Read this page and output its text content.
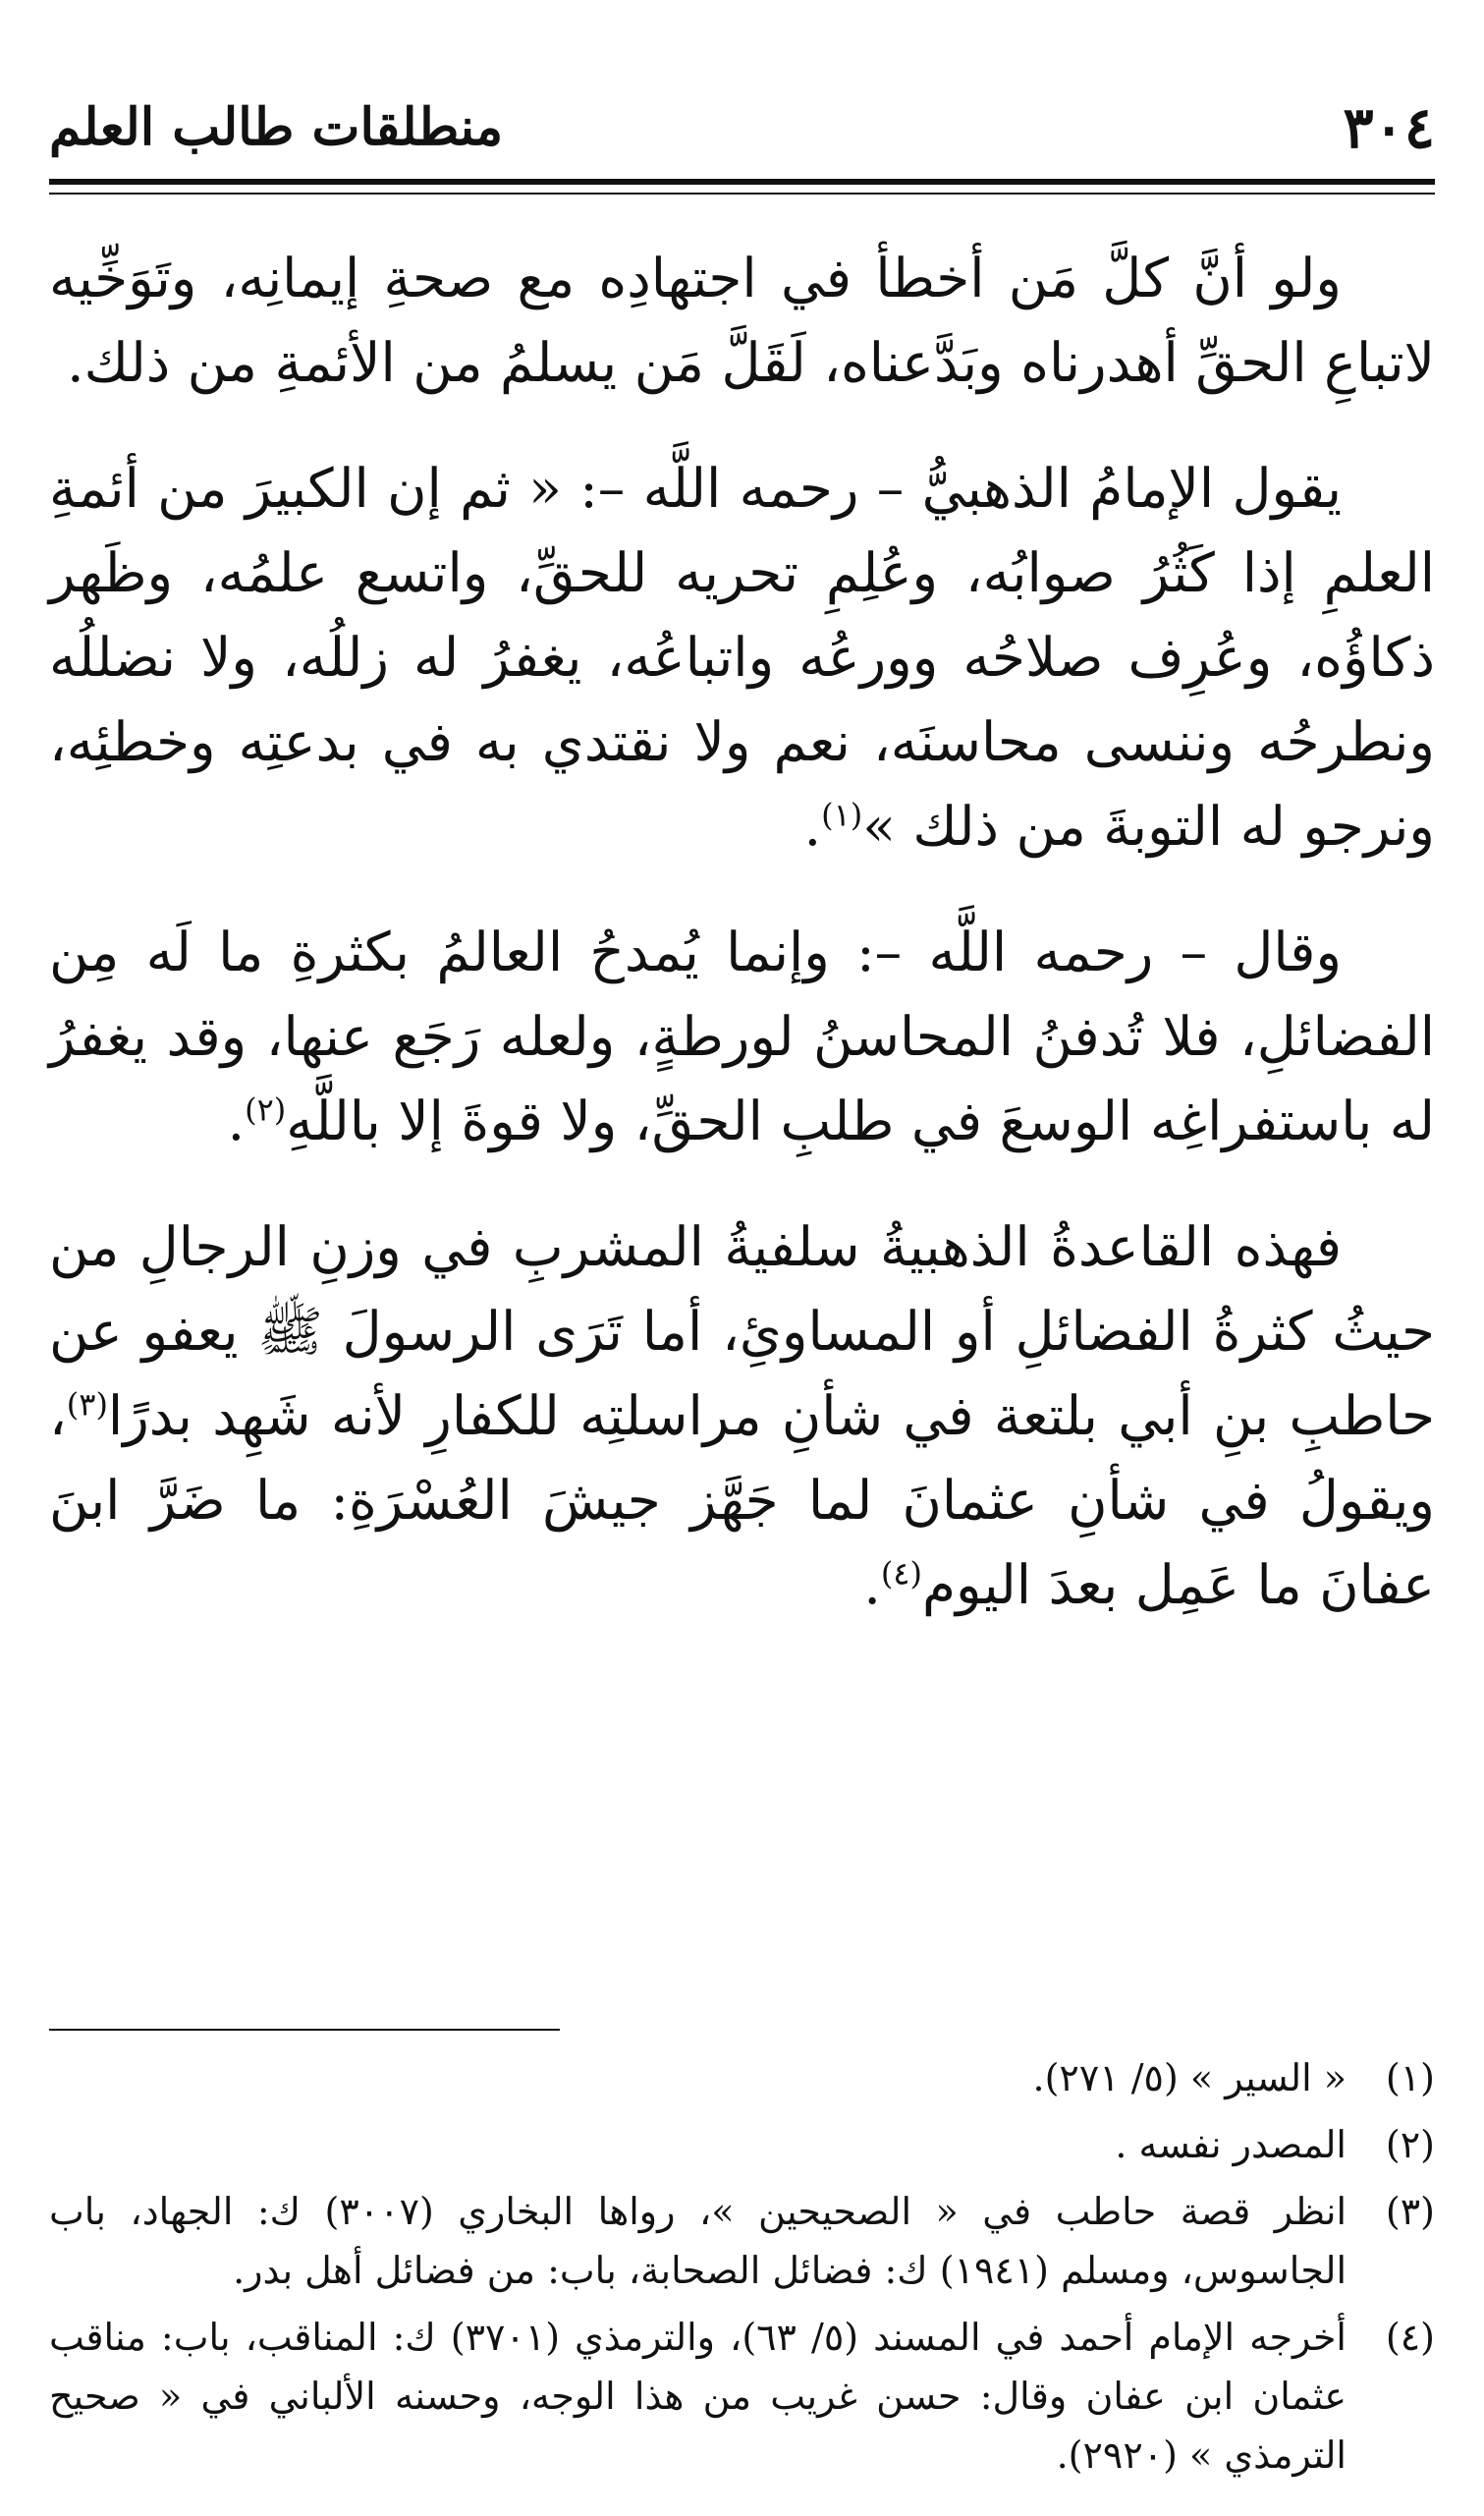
٣٠٤
منطلقات طالب العلم

ولو أنَّ كلَّ مَن أخطأ في اجتهادِه مع صحةِ إيمانِه، وتَوَخِّيه لاتباعِ الحقِّ أهدرناه وبَدَّعناه، لَقَلَّ مَن يسلمُ من الأئمةِ من ذلك.

يقول الإمامُ الذهبيُّ – رحمه اللَّه –: « ثم إن الكبيرَ من أئمةِ العلمِ إذا كَثُرُ صوابُه، وعُلِمِ تحريه للحقِّ، واتسع علمُه، وظَهر ذكاؤُه، وعُرِف صلاحُه وورعُه واتباعُه، يغفرُ له زللُه، ولا نضللُه ونطرحُه وننسى محاسنَه، نعم ولا نقتدي به في بدعتِه وخطئِه، ونرجو له التوبةَ من ذلك »$^{(١)}$.

وقال – رحمه اللَّه –: وإنما يُمدحُ العالمُ بكثرةِ ما لَه مِن الفضائلِ، فلا تُدفنُ المحاسنُ لورطةٍ، ولعله رَجَع عنها، وقد يغفرُ له باستفراغِه الوسعَ في طلبِ الحقِّ، ولا قوةَ إلا باللَّهِ$^{(٢)}$.

فهذه القاعدةُ الذهبيةُ سلفيةُ المشربِ في وزنِ الرجالِ من حيثُ كثرةُ الفضائلِ أو المساوئِ، أما تَرَى الرسولَ ﷺ يعفو عن حاطبِ بنِ أبي بلتعة في شأنِ مراسلتِه للكفارِ لأنه شَهِد بدرًا$^{(٣)}$، ويقولُ في شأنِ عثمانَ لما جَهَّز جيشَ العُسْرَةِ: ما ضَرَّ ابنَ عفانَ ما عَمِل بعدَ اليوم$^{(٤)}$.

(١)
« السير » (٥/ ٢٧١).
(٢)
المصدر نفسه .
(٣)
انظر قصة حاطب في « الصحيحين »، رواها البخاري (٣٠٠٧) ك: الجهاد، باب الجاسوس، ومسلم (١٩٤١) ك: فضائل الصحابة، باب: من فضائل أهل بدر.
(٤)
أخرجه الإمام أحمد في المسند (٥/ ٦٣)، والترمذي (٣٧٠١) ك: المناقب، باب: مناقب عثمان ابن عفان وقال: حسن غريب من هذا الوجه، وحسنه الألباني في « صحيح الترمذي » (٢٩٢٠).
